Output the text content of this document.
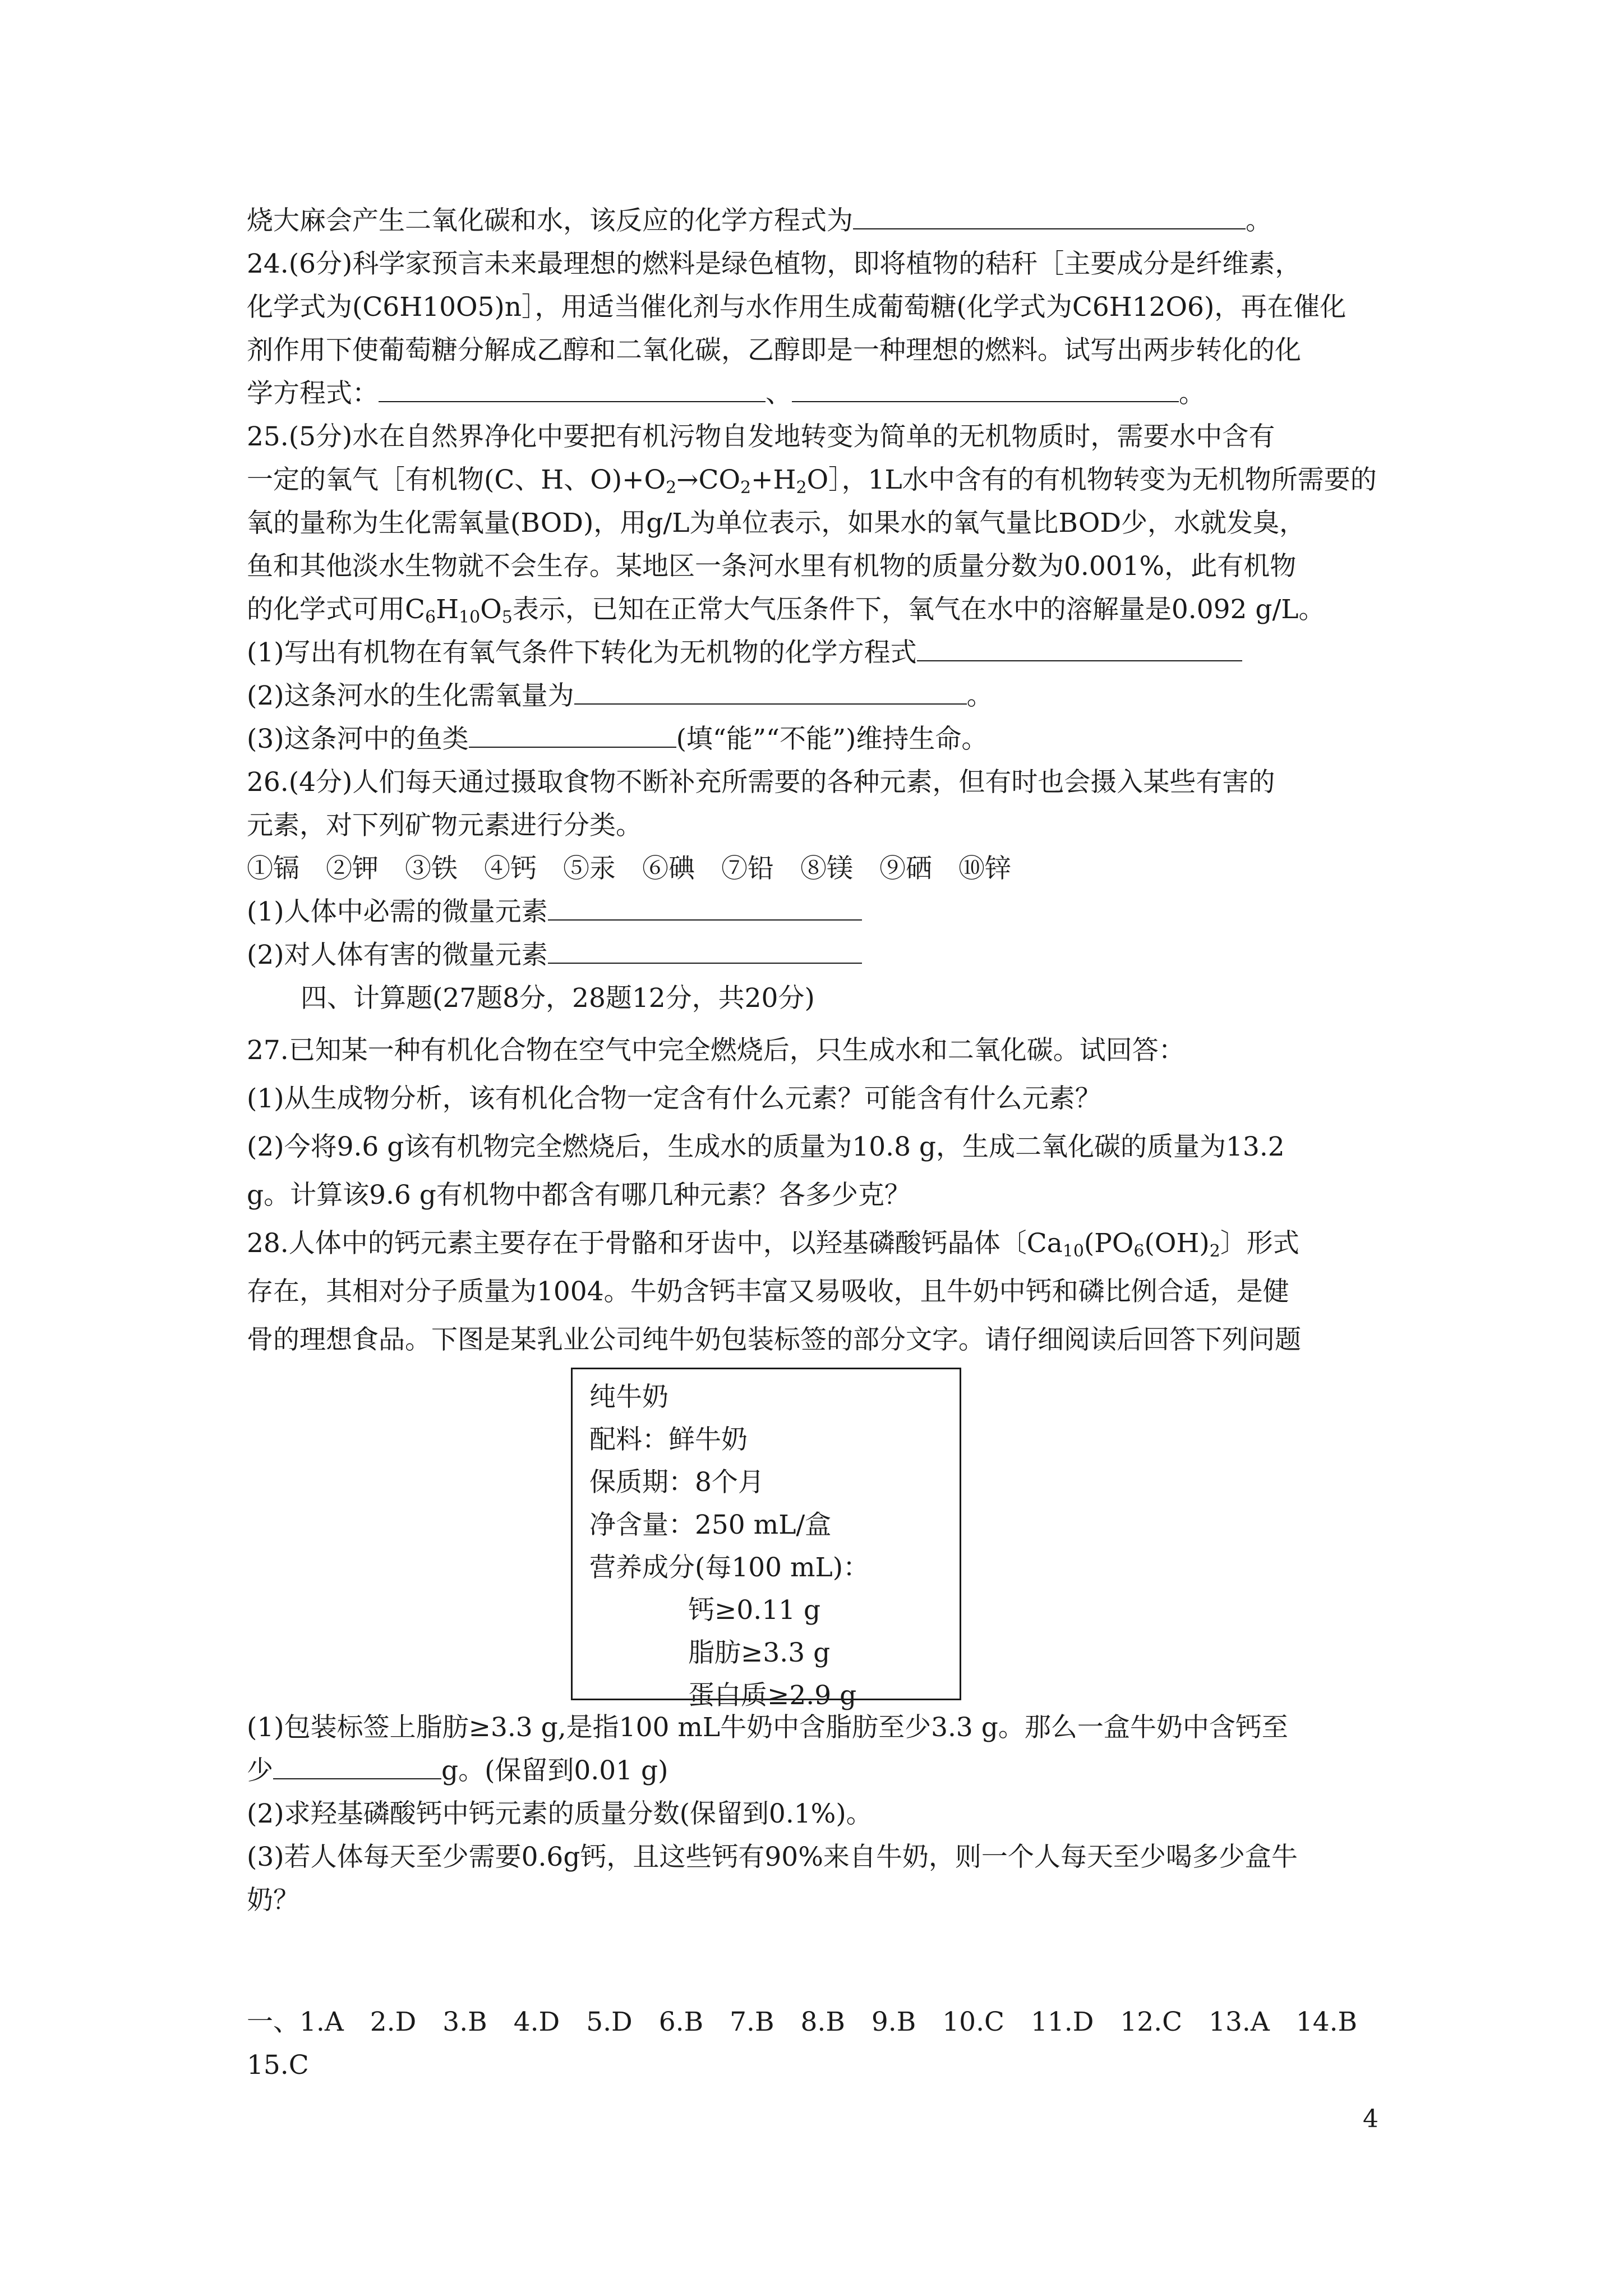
烧大麻会产生二氧化碳和水，该反应的化学方程式为	。
24.(6分)科学家预言未来最理想的燃料是绿色植物，即将植物的秸秆［主要成分是纤维素，
化学式为(C6H10O5)n］，用适当催化剂与水作用生成葡萄糖(化学式为C6H12O6)，再在催化
剂作用下使葡萄糖分解成乙醇和二氧化碳，乙醇即是一种理想的燃料。试写出两步转化的化
学方程式：	、	。
25.(5分)水在自然界净化中要把有机污物自发地转变为简单的无机物质时，需要水中含有
一定的氧气［有机物(C、H、$O)+O_2\to CO_2+H_2O]$，1L水中含有的有机物转变为无机物所需要的
氧的量称为生化需氧量(BOD)，用g/L为单位表示，如果水的氧气量比BOD少，水就发臭，
鱼和其他淡水生物就不会生存。某地区一条河水里有机物的质量分数为0.001%，此有机物
的化学式可用$C_6H_{10}O_5$表示，已知在正常大气压条件下，氧气在水中的溶解量是0.092 g/L。
(1)写出有机物在有氧气条件下转化为无机物的化学方程式
(2)这条河水的生化需氧量为	。
(3)这条河中的鱼类	(填“能”“不能”)维持生命。
26.(4分)人们每天通过摄取食物不断补充所需要的各种元素，但有时也会摄入某些有害的
元素，对下列矿物元素进行分类。
①镉　②钾　③铁　④钙　⑤汞　⑥碘　⑦铅　⑧镁　⑨硒　⑩锌
(1)人体中必需的微量元素
(2)对人体有害的微量元素
四、计算题(27题8分，28题12分，共20分)
27.已知某一种有机化合物在空气中完全燃烧后，只生成水和二氧化碳。试回答：
(1)从生成物分析，该有机化合物一定含有什么元素？可能含有什么元素？
(2)今将9.6 g该有机物完全燃烧后，生成水的质量为10.8 g，生成二氧化碳的质量为13.2
g。计算该9.6 g有机物中都含有哪几种元素？各多少克？
28.人体中的钙元素主要存在于骨骼和牙齿中，以羟基磷酸钙晶体〔$Ca_{10}(PO_6(OH)_2$〕形式
存在，其相对分子质量为1004。牛奶含钙丰富又易吸收，且牛奶中钙和磷比例合适，是健
骨的理想食品。下图是某乳业公司纯牛奶包装标签的部分文字。请仔细阅读后回答下列问题
纯牛奶
配料：鲜牛奶
保质期：8个月
净含量：250 mL/盒
营养成分(每100 mL)：
钙≥0.11 g
脂肪≥3.3 g
蛋白质≥2.9 g
(1)包装标签上脂肪≥3.3 g,是指100 mL牛奶中含脂肪至少3.3 g。那么一盒牛奶中含钙至
少	g。(保留到0.01 g)
(2)求羟基磷酸钙中钙元素的质量分数(保留到0.1%)。
(3)若人体每天至少需要0.6g钙，且这些钙有90%来自牛奶，则一个人每天至少喝多少盒牛
奶？
一、1.A　2.D　3.B　4.D　5.D　6.B　7.B　8.B　9.B　10.C　11.D　12.C　13.A　14.B
15.C
4
